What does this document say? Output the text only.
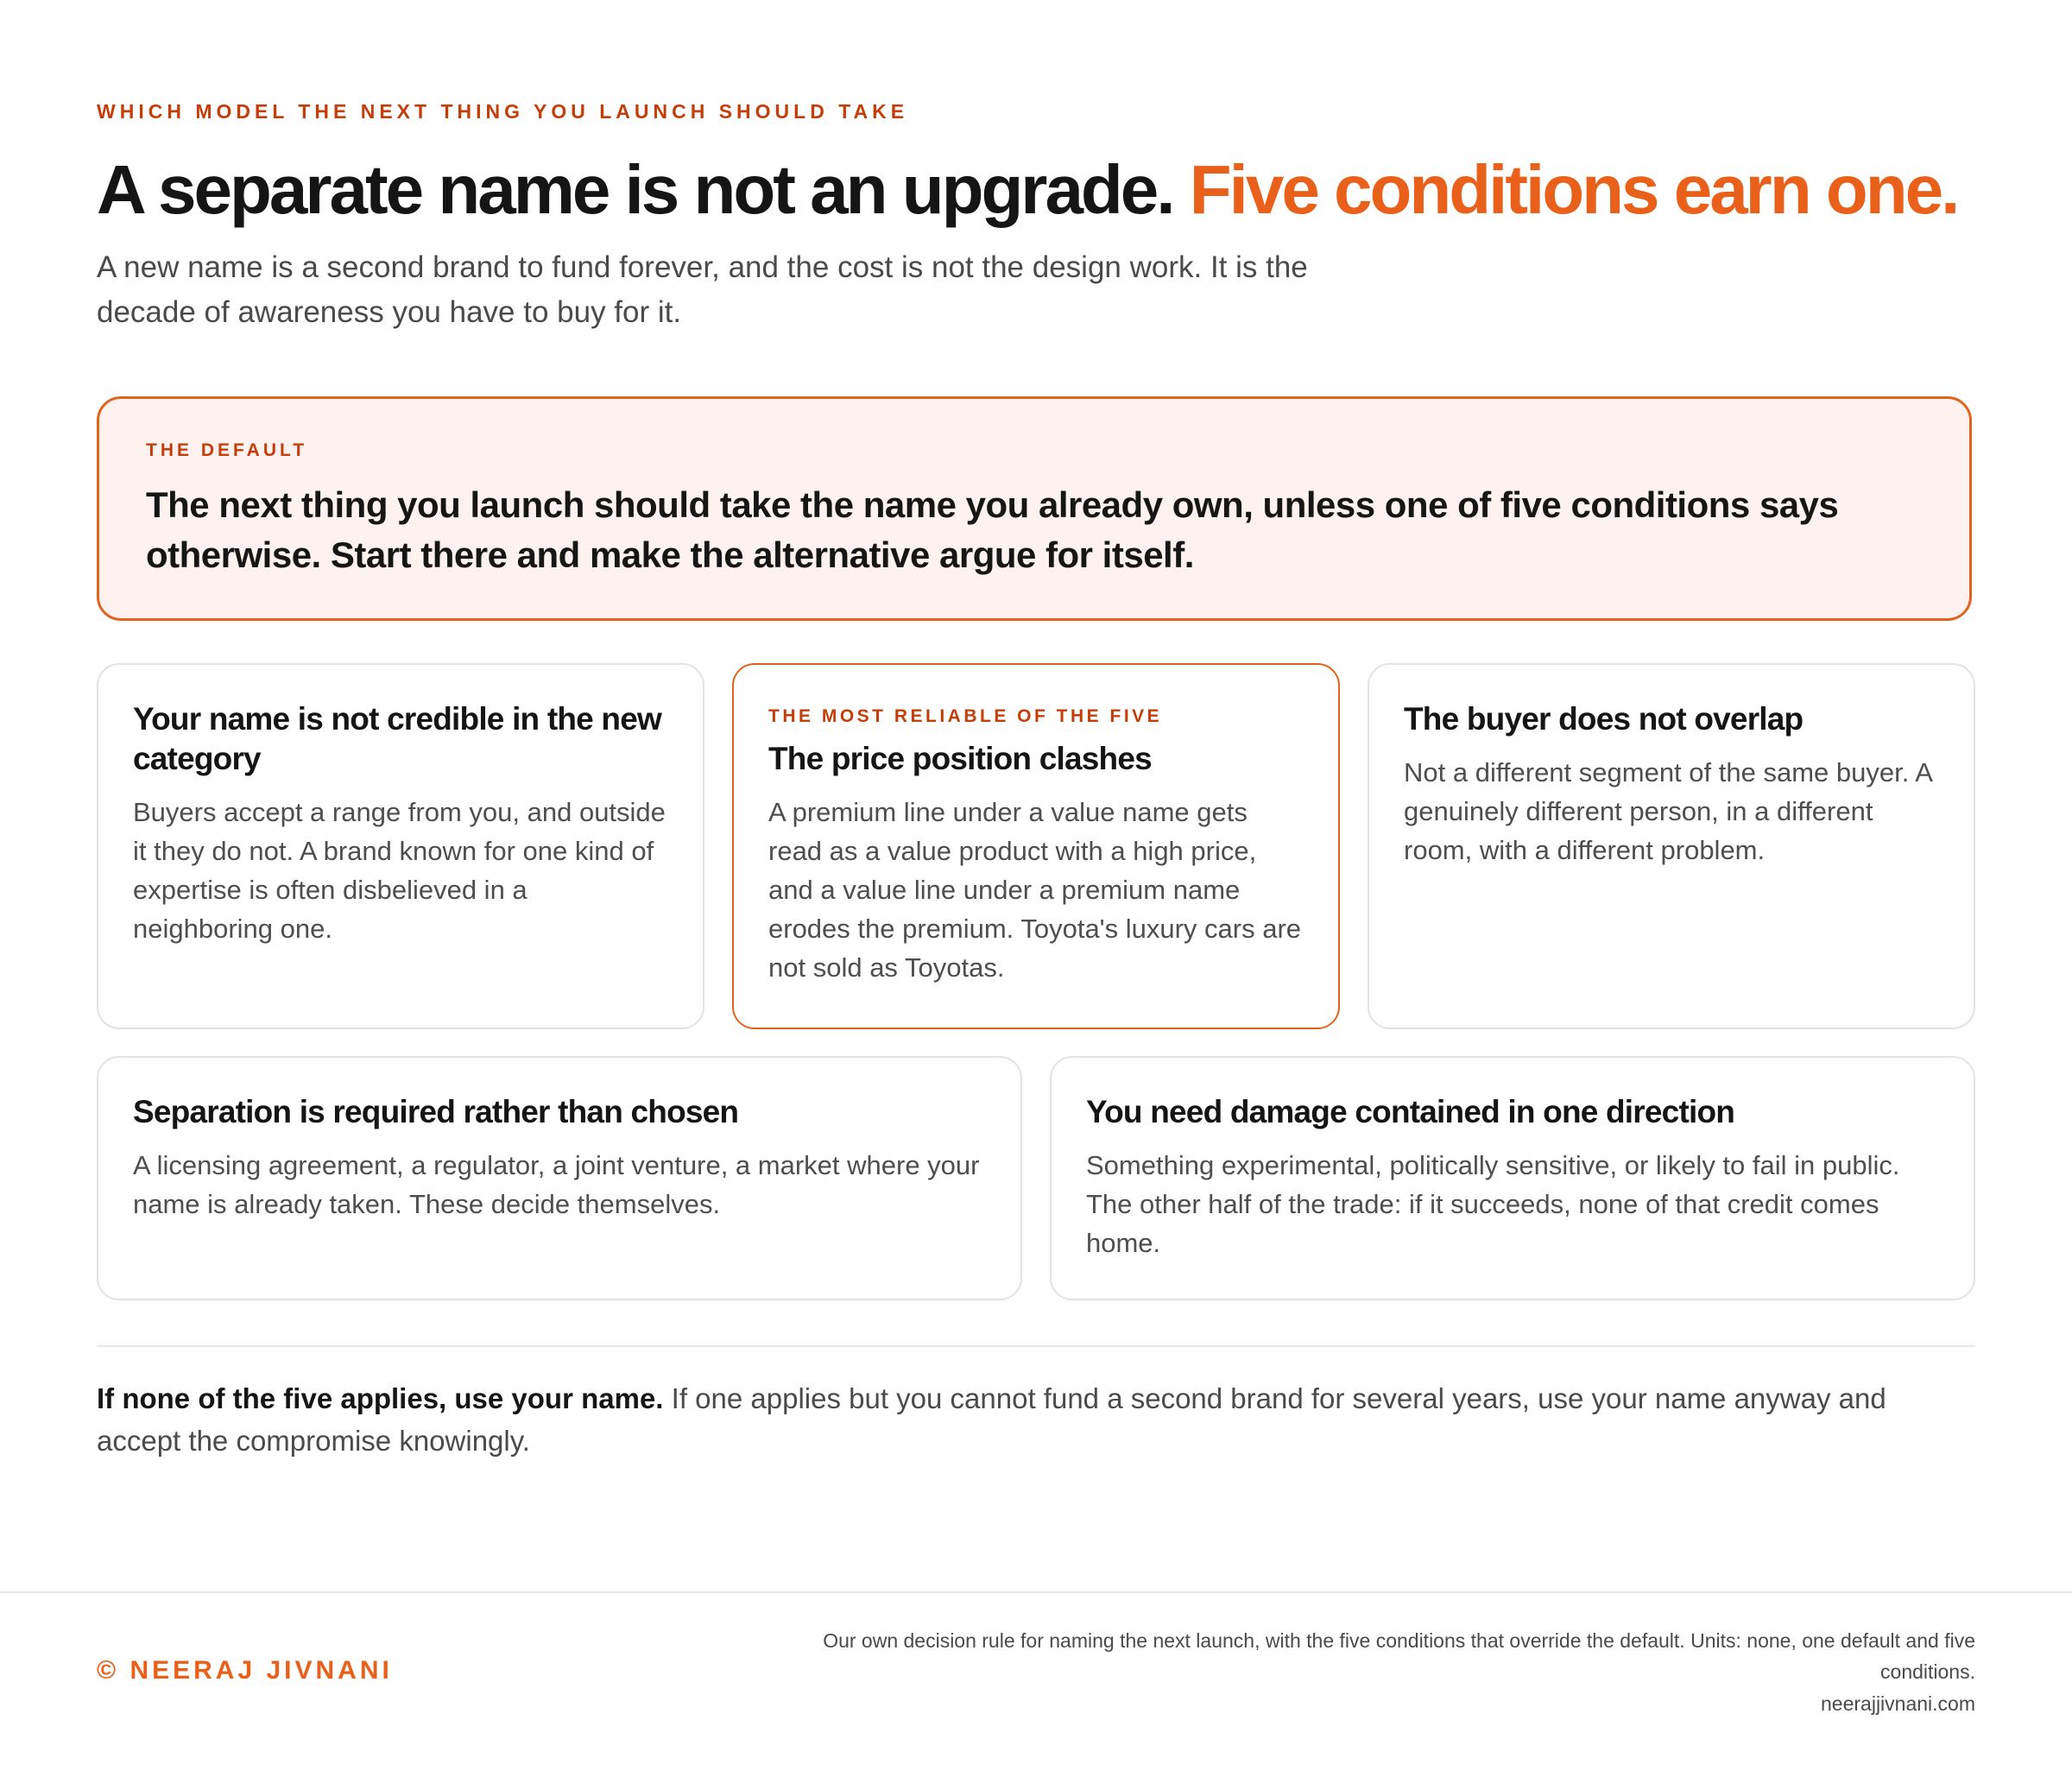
WHICH MODEL THE NEXT THING YOU LAUNCH SHOULD TAKE
A separate name is not an upgrade. Five conditions earn one.
A new name is a second brand to fund forever, and the cost is not the design work. It is the decade of awareness you have to buy for it.
THE DEFAULT
The next thing you launch should take the name you already own, unless one of five conditions says otherwise. Start there and make the alternative argue for itself.
Your name is not credible in the new category
Buyers accept a range from you, and outside it they do not. A brand known for one kind of expertise is often disbelieved in a neighboring one.
THE MOST RELIABLE OF THE FIVE
The price position clashes
A premium line under a value name gets read as a value product with a high price, and a value line under a premium name erodes the premium. Toyota's luxury cars are not sold as Toyotas.
The buyer does not overlap
Not a different segment of the same buyer. A genuinely different person, in a different room, with a different problem.
Separation is required rather than chosen
A licensing agreement, a regulator, a joint venture, a market where your name is already taken. These decide themselves.
You need damage contained in one direction
Something experimental, politically sensitive, or likely to fail in public. The other half of the trade: if it succeeds, none of that credit comes home.
If none of the five applies, use your name. If one applies but you cannot fund a second brand for several years, use your name anyway and accept the compromise knowingly.
© NEERAJ JIVNANI
Our own decision rule for naming the next launch, with the five conditions that override the default. Units: none, one default and five conditions.
neerajjivnani.com
